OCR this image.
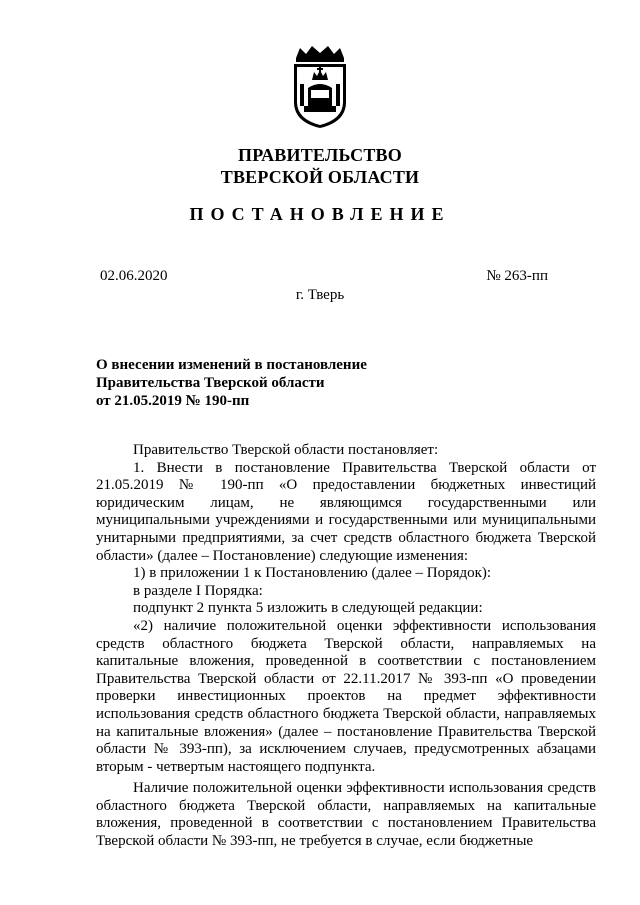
ПРАВИТЕЛЬСТВО
ТВЕРСКОЙ ОБЛАСТИ
ПОСТАНОВЛЕНИЕ
02.06.2020	№ 263-пп
г. Тверь
О внесении изменений в постановление
Правительства Тверской области
от 21.05.2019 № 190-пп

Правительство Тверской области постановляет:

1. Внести в постановление Правительства Тверской области от 21.05.2019 № 190-пп «О предоставлении бюджетных инвестиций юридическим лицам, не являющимся государственными или муниципальными учреждениями и государственными или муниципальными унитарными предприятиями, за счет средств областного бюджета Тверской области» (далее – Постановление) следующие изменения:

1) в приложении 1 к Постановлению (далее – Порядок):

в разделе I Порядка:

подпункт 2 пункта 5 изложить в следующей редакции:

«2) наличие положительной оценки эффективности использования средств областного бюджета Тверской области, направляемых на капитальные вложения, проведенной в соответствии с постановлением Правительства Тверской области от 22.11.2017 № 393-пп «О проведении проверки инвестиционных проектов на предмет эффективности использования средств областного бюджета Тверской области, направляемых на капитальные вложения» (далее – постановление Правительства Тверской области № 393-пп), за исключением случаев, предусмотренных абзацами вторым - четвертым настоящего подпункта.

Наличие положительной оценки эффективности использования средств областного бюджета Тверской области, направляемых на капитальные вложения, проведенной в соответствии с постановлением Правительства Тверской области № 393-пп, не требуется в случае, если бюджетные
